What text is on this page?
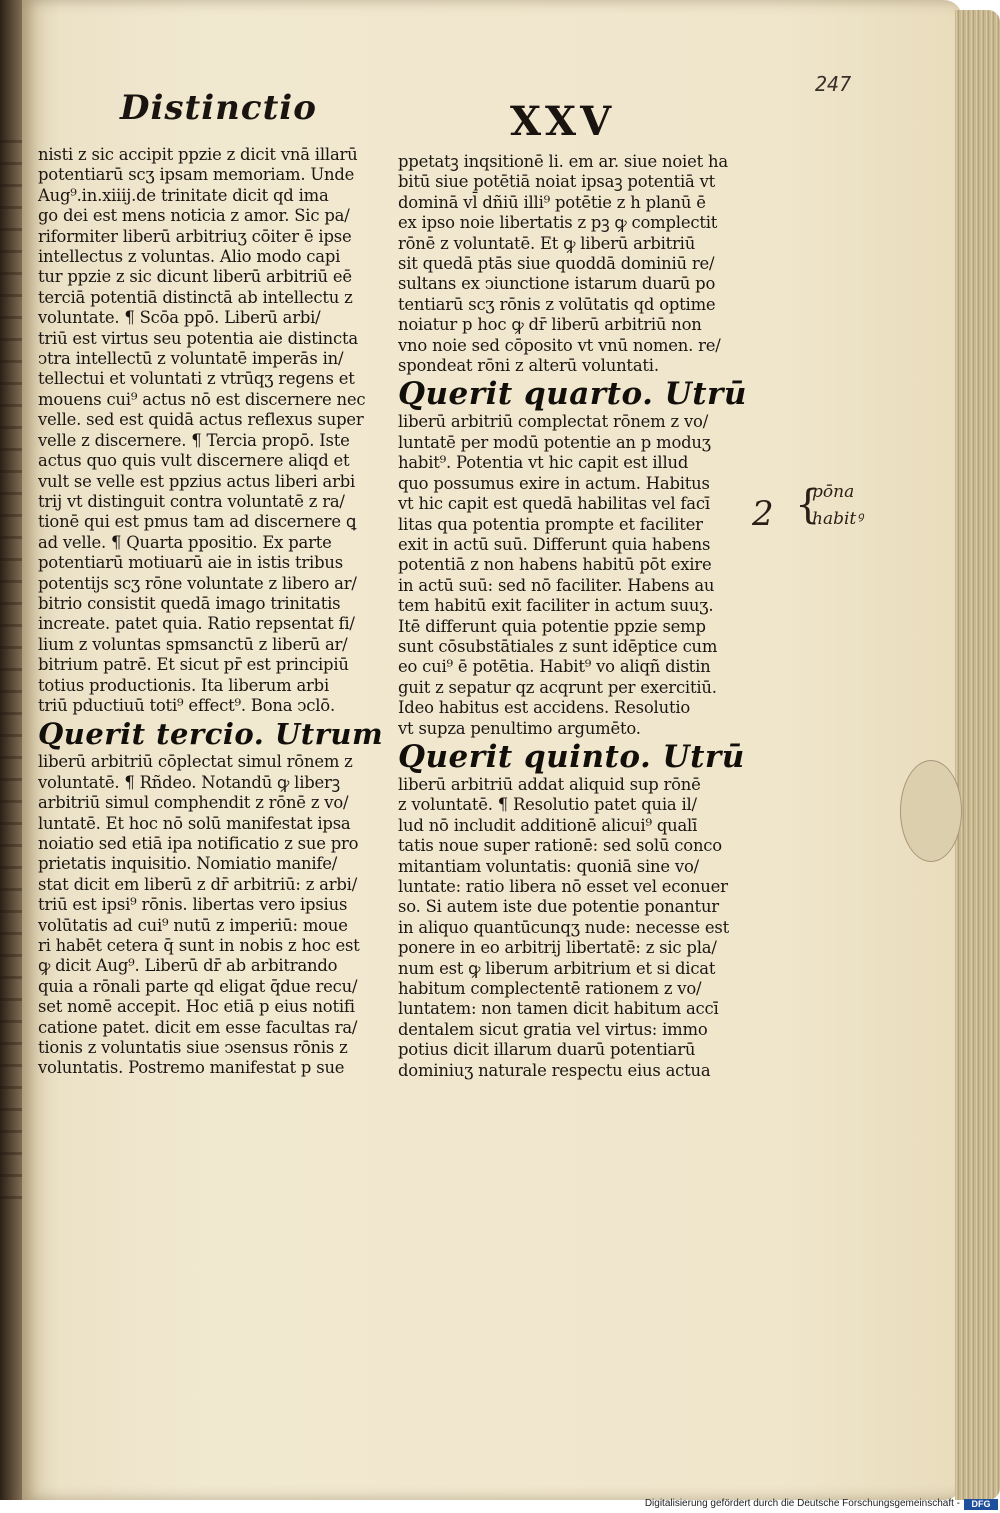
Distinctio	XXV
247
nisti z sic accipit ppzie z dicit vnā illarū
potentiarū scʒ ipsam memoriam. Unde
Aug⁹.in.xiiij.de trinitate dicit qd ima
go dei est mens noticia z amor. Sic pa/
riformiter liberū arbitriuʒ cōiter ē ipse
intellectus z voluntas. Alio modo capi
tur ppzie z sic dicunt liberū arbitriū eē
terciā potentiā distinctā ab intellectu z
voluntate. ¶ Scōa ppō. Liberū arbi/
triū est virtus seu potentia aie distincta
ↄtra intellectū z voluntatē imperās in/
tellectui et voluntati z vtrūqʒ regens et
mouens cui⁹ actus nō est discernere nec
velle. sed est quidā actus reflexus super
velle z discernere. ¶ Tercia propō. Iste
actus quo quis vult discernere aliqd et
vult se velle est ppzius actus liberi arbi
trij vt distinguit contra voluntatē z ra/
tionē qui est pmus tam ad discernere ꝗ
ad velle. ¶ Quarta ppositio. Ex parte
potentiarū motiuarū aie in istis tribus
potentijs scʒ rōne voluntate z libero ar/
bitrio consistit quedā imago trinitatis
increate. patet quia. Ratio repsentat fi/
lium z voluntas spmsanctū z liberū ar/
bitrium patrē. Et sicut pr̄ est principiū
totius productionis. Ita liberum arbi
triū pductiuū toti⁹ effect⁹. Bona ↄclō.
Querit tercio. Utrum
liberū arbitriū cōplectat simul rōnem z
voluntatē. ¶ Rñdeo. Notandū ꝙ liberꝫ
arbitriū simul comphendit z rōnē z vo/
luntatē. Et hoc nō solū manifestat ipsa
noiatio sed etiā ipa notificatio z sue pro
prietatis inquisitio. Nomiatio manife/
stat dicit em liberū z dr̄ arbitriū: z arbi/
triū est ipsi⁹ rōnis. libertas vero ipsius
volūtatis ad cui⁹ nutū z imperiū: moue
ri habēt cetera q̄ sunt in nobis z hoc est
ꝙ dicit Aug⁹. Liberū dr̄ ab arbitrando
quia a rōnali parte qd eligat q̄due recu/
set nomē accepit. Hoc etiā p eius notifi
catione patet. dicit em esse facultas ra/
tionis z voluntatis siue ↄsensus rōnis z
voluntatis. Postremo manifestat p sue
ppetatꝫ inqsitionē li. em ar. siue noiet ha
bitū siue potētiā noiat ipsaꝫ potentiā vt
dominā vl̄ dñiū illi⁹ potētie z h planū ē
ex ipso noie libertatis z pꝫ ꝙ complectit
rōnē z voluntatē. Et ꝙ liberū arbitriū
sit quedā ptās siue quoddā dominiū re/
sultans ex ↄiunctione istarum duarū po
tentiarū scʒ rōnis z volūtatis qd optime
noiatur p hoc ꝙ dr̄ liberū arbitriū non
vno noie sed cōposito vt vnū nomen. re/
spondeat rōni z alterū voluntati.
Querit quarto. Utrū
liberū arbitriū complectat rōnem z vo/
luntatē per modū potentie an p moduʒ
habit⁹. Potentia vt hic capit est illud
quo possumus exire in actum. Habitus
vt hic capit est quedā habilitas vel facī
litas qua potentia prompte et faciliter
exit in actū suū. Differunt quia habens
potentiā z non habens habitū pōt exire
in actū suū: sed nō faciliter. Habens au
tem habitū exit faciliter in actum suuʒ.
Itē differunt quia potentie ppzie semp
sunt cōsubstātiales z sunt idēptice cum
eo cui⁹ ē potētia. Habit⁹ vo aliqñ distin
guit z sepatur qz acqrunt per exercitiū.
Ideo habitus est accidens. Resolutio
vt supza penultimo argumēto.
Querit quinto. Utrū
liberū arbitriū addat aliquid sup rōnē
z voluntatē. ¶ Resolutio patet quia il/
lud nō includit additionē alicui⁹ qualī
tatis noue super rationē: sed solū conco
mitantiam voluntatis: quoniā sine vo/
luntate: ratio libera nō esset vel econuer
so. Si autem iste due potentie ponantur
in aliquo quantūcunqʒ nude: necesse est
ponere in eo arbitrij libertatē: z sic pla/
num est ꝙ liberum arbitrium et si dicat
habitum complectentē rationem z vo/
luntatem: non tamen dicit habitum accī
dentalem sicut gratia vel virtus: immo
potius dicit illarum duarū potentiarū
dominiuʒ naturale respectu eius actua
2 {
pōna
habitꝰ
Digitalisierung gefördert durch die Deutsche Forschungsgemeinschaft -	DFG
